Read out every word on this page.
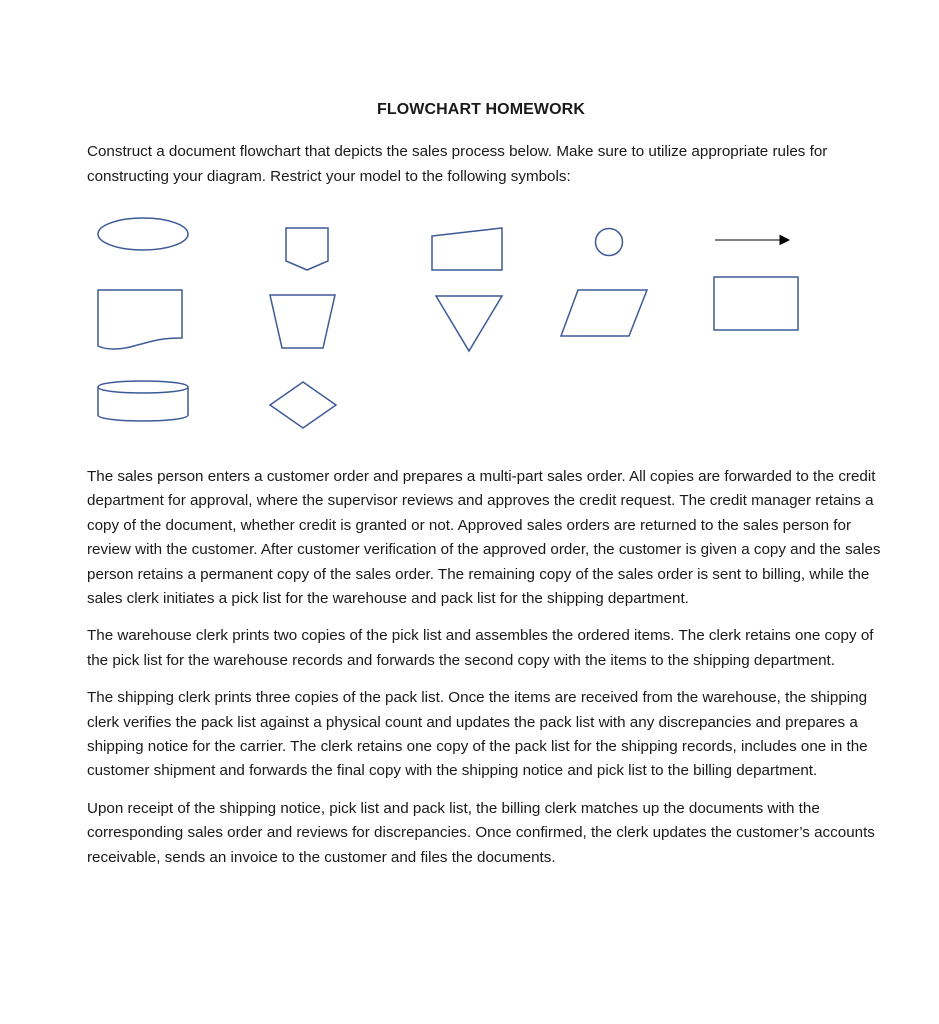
FLOWCHART HOMEWORK

Construct a document flowchart that depicts the sales process below. Make sure to utilize appropriate rules for constructing your diagram. Restrict your model to the following symbols:

The sales person enters a customer order and prepares a multi-part sales order. All copies are forwarded to the credit department for approval, where the supervisor reviews and approves the credit request. The credit manager retains a copy of the document, whether credit is granted or not. Approved sales orders are returned to the sales person for review with the customer. After customer verification of the approved order, the customer is given a copy and the sales person retains a permanent copy of the sales order. The remaining copy of the sales order is sent to billing, while the sales clerk initiates a pick list for the warehouse and pack list for the shipping department.

The warehouse clerk prints two copies of the pick list and assembles the ordered items. The clerk retains one copy of the pick list for the warehouse records and forwards the second copy with the items to the shipping department.

The shipping clerk prints three copies of the pack list. Once the items are received from the warehouse, the shipping clerk verifies the pack list against a physical count and updates the pack list with any discrepancies and prepares a shipping notice for the carrier. The clerk retains one copy of the pack list for the shipping records, includes one in the customer shipment and forwards the final copy with the shipping notice and pick list to the billing department.

Upon receipt of the shipping notice, pick list and pack list, the billing clerk matches up the documents with the corresponding sales order and reviews for discrepancies. Once confirmed, the clerk updates the customer’s accounts receivable, sends an invoice to the customer and files the documents.
